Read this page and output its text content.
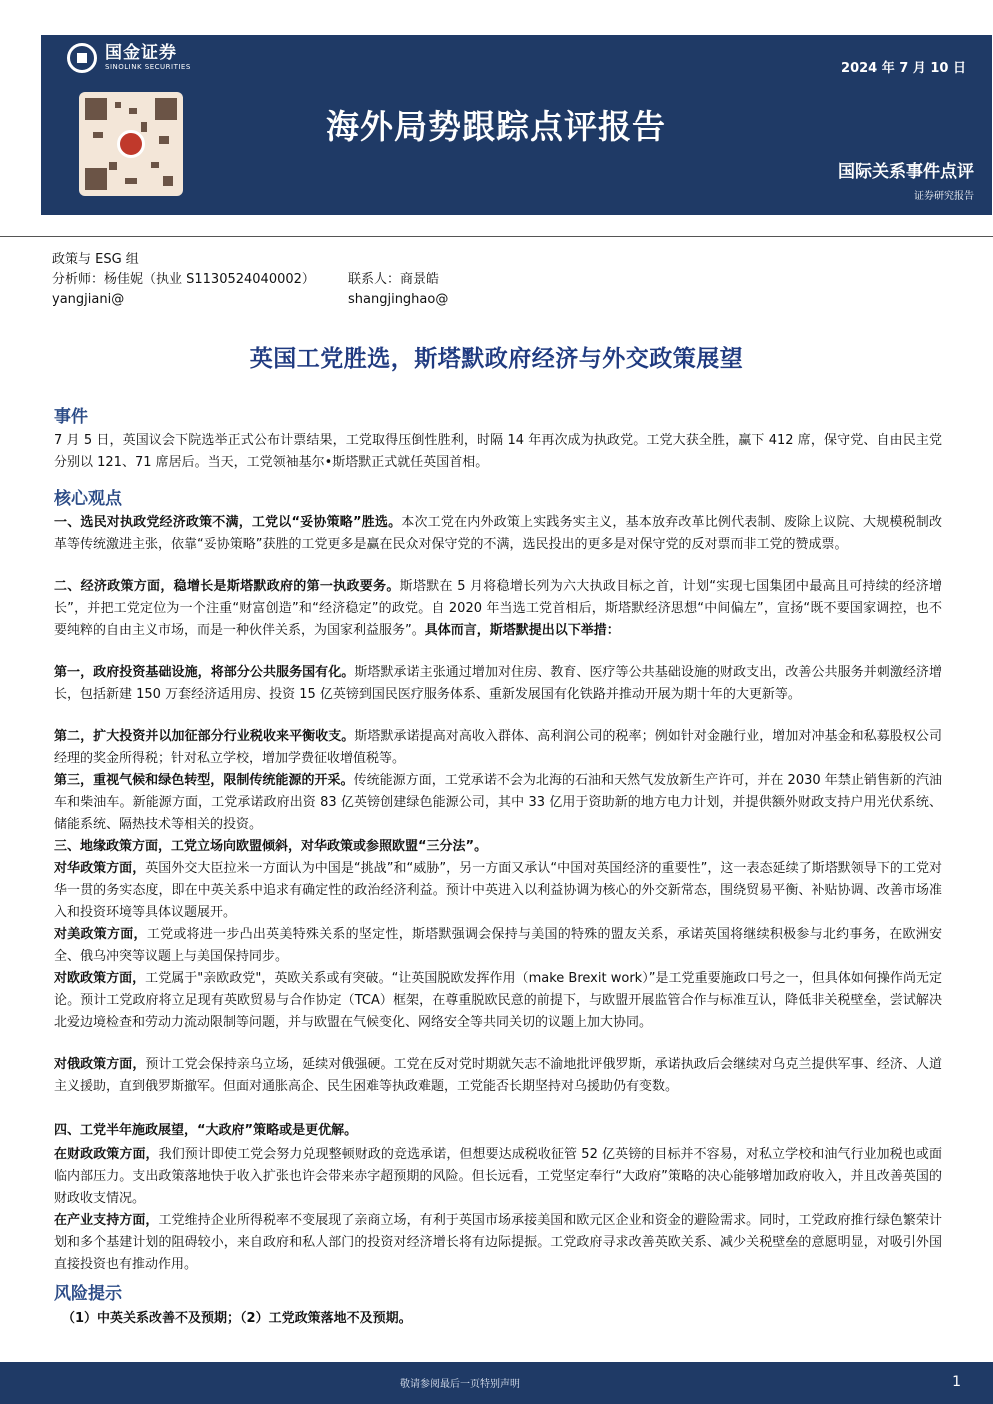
国金证券
SINOLINK SECURITIES	2024 年 7 月 10 日
海外局势跟踪点评报告
国际关系事件点评
证券研究报告
政策与 ESG 组
分析师：杨佳妮（执业 S1130524040002）
yangjiani@
联系人：商景皓
shangjinghao@
英国工党胜选，斯塔默政府经济与外交政策展望
事件

7 月 5 日，英国议会下院选举正式公布计票结果，工党取得压倒性胜利，时隔 14 年再次成为执政党。工党大获全胜，赢下 412 席，保守党、自由民主党分别以 121、71 席居后。当天，工党领袖基尔•斯塔默正式就任英国首相。

核心观点

一、选民对执政党经济政策不满，工党以“妥协策略”胜选。本次工党在内外政策上实践务实主义，基本放弃改革比例代表制、废除上议院、大规模税制改革等传统激进主张，依靠“妥协策略”获胜的工党更多是赢在民众对保守党的不满，选民投出的更多是对保守党的反对票而非工党的赞成票。

二、经济政策方面，稳增长是斯塔默政府的第一执政要务。斯塔默在 5 月将稳增长列为六大执政目标之首，计划“实现七国集团中最高且可持续的经济增长”，并把工党定位为一个注重“财富创造”和“经济稳定”的政党。自 2020 年当选工党首相后，斯塔默经济思想“中间偏左”，宣扬“既不要国家调控，也不要纯粹的自由主义市场，而是一种伙伴关系，为国家利益服务”。具体而言，斯塔默提出以下举措：

第一，政府投资基础设施，将部分公共服务国有化。斯塔默承诺主张通过增加对住房、教育、医疗等公共基础设施的财政支出，改善公共服务并刺激经济增长，包括新建 150 万套经济适用房、投资 15 亿英镑到国民医疗服务体系、重新发展国有化铁路并推动开展为期十年的大更新等。

第二，扩大投资并以加征部分行业税收来平衡收支。斯塔默承诺提高对高收入群体、高利润公司的税率；例如针对金融行业，增加对冲基金和私募股权公司经理的奖金所得税；针对私立学校，增加学费征收增值税等。

第三，重视气候和绿色转型，限制传统能源的开采。传统能源方面，工党承诺不会为北海的石油和天然气发放新生产许可，并在 2030 年禁止销售新的汽油车和柴油车。新能源方面，工党承诺政府出资 83 亿英镑创建绿色能源公司，其中 33 亿用于资助新的地方电力计划，并提供额外财政支持户用光伏系统、储能系统、隔热技术等相关的投资。

三、地缘政策方面，工党立场向欧盟倾斜，对华政策或参照欧盟“三分法”。

对华政策方面，英国外交大臣拉米一方面认为中国是“挑战”和“威胁”，另一方面又承认“中国对英国经济的重要性”，这一表态延续了斯塔默领导下的工党对华一贯的务实态度，即在中英关系中追求有确定性的政治经济利益。预计中英进入以利益协调为核心的外交新常态，围绕贸易平衡、补贴协调、改善市场准入和投资环境等具体议题展开。

对美政策方面，工党或将进一步凸出英美特殊关系的坚定性，斯塔默强调会保持与美国的特殊的盟友关系，承诺英国将继续积极参与北约事务，在欧洲安全、俄乌冲突等议题上与美国保持同步。

对欧政策方面，工党属于"亲欧政党"，英欧关系或有突破。“让英国脱欧发挥作用（make Brexit work）”是工党重要施政口号之一，但具体如何操作尚无定论。预计工党政府将立足现有英欧贸易与合作协定（TCA）框架，在尊重脱欧民意的前提下，与欧盟开展监管合作与标准互认，降低非关税壁垒，尝试解决北爱边境检查和劳动力流动限制等问题，并与欧盟在气候变化、网络安全等共同关切的议题上加大协同。

对俄政策方面，预计工党会保持亲乌立场，延续对俄强硬。工党在反对党时期就矢志不渝地批评俄罗斯，承诺执政后会继续对乌克兰提供军事、经济、人道主义援助，直到俄罗斯撤军。但面对通胀高企、民生困难等执政难题，工党能否长期坚持对乌援助仍有变数。

四、工党半年施政展望，“大政府”策略或是更优解。

在财政政策方面，我们预计即使工党会努力兑现整顿财政的竞选承诺，但想要达成税收征管 52 亿英镑的目标并不容易，对私立学校和油气行业加税也或面临内部压力。支出政策落地快于收入扩张也许会带来赤字超预期的风险。但长远看，工党坚定奉行“大政府”策略的决心能够增加政府收入，并且改善英国的财政收支情况。

在产业支持方面，工党维持企业所得税率不变展现了亲商立场，有利于英国市场承接美国和欧元区企业和资金的避险需求。同时，工党政府推行绿色繁荣计划和多个基建计划的阻碍较小，来自政府和私人部门的投资对经济增长将有边际提振。工党政府寻求改善英欧关系、减少关税壁垒的意愿明显，对吸引外国直接投资也有推动作用。

风险提示
（1）中英关系改善不及预期；（2）工党政策落地不及预期。
敬请参阅最后一页特别声明	1
